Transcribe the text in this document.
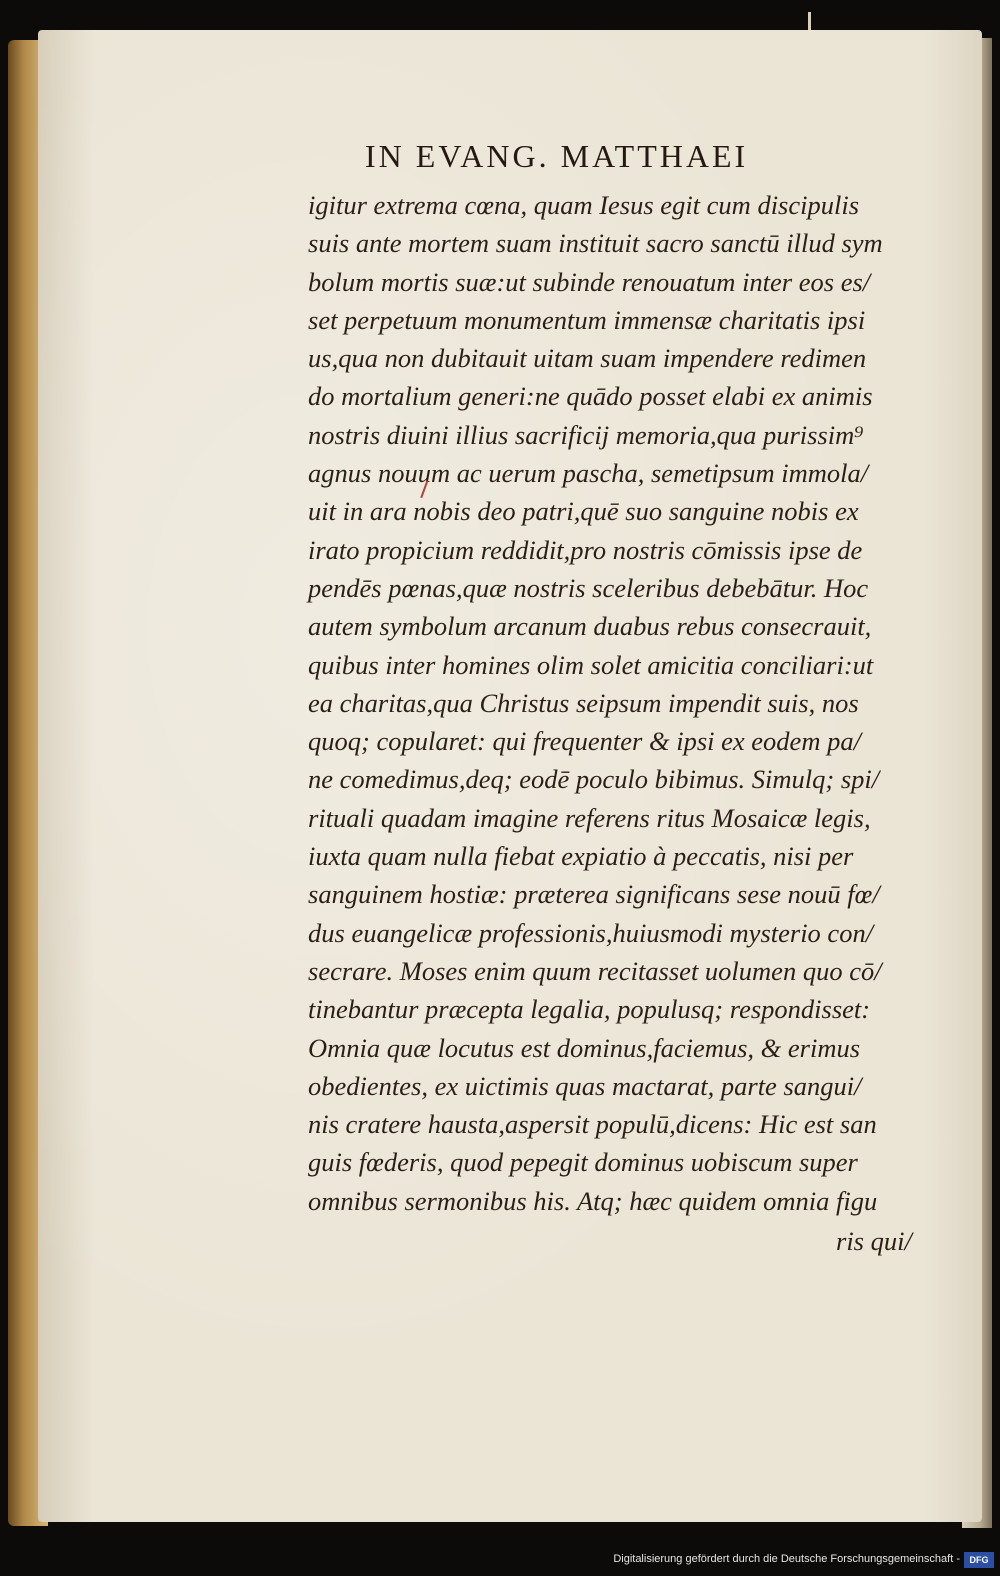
IN EVANG. MATTHAEI
igitur extrema cœna, quam Iesus egit cum discipulis
suis ante mortem suam instituit sacro sanctū illud sym
bolum mortis suæ:ut subinde renouatum inter eos es/
set perpetuum monumentum immensæ charitatis ipsi
us,qua non dubitauit uitam suam impendere redimen
do mortalium generi:ne quādo posset elabi ex animis
nostris diuini illius sacrificij memoria,qua purissim⁹
agnus nouum ac uerum pascha, semetipsum immola/
uit in ara nobis deo patri,quē suo sanguine nobis ex
irato propicium reddidit,pro nostris cōmissis ipse de
pendēs pœnas,quæ nostris sceleribus debebātur. Hoc
autem symbolum arcanum duabus rebus consecrauit,
quibus inter homines olim solet amicitia conciliari:ut
ea charitas,qua Christus seipsum impendit suis, nos
quoq; copularet: qui frequenter & ipsi ex eodem pa/
ne comedimus,deq; eodē poculo bibimus. Simulq; spi/
rituali quadam imagine referens ritus Mosaicæ legis,
iuxta quam nulla fiebat expiatio à peccatis, nisi per
sanguinem hostiæ: præterea significans sese nouū fœ/
dus euangelicæ professionis,huiusmodi mysterio con/
secrare. Moses enim quum recitasset uolumen quo cō/
tinebantur præcepta legalia, populusq; respondisset:
Omnia quæ locutus est dominus,faciemus, & erimus
obedientes, ex uictimis quas mactarat, parte sangui/
nis cratere hausta,aspersit populū,dicens: Hic est san
guis fœderis, quod pepegit dominus uobiscum super
omnibus sermonibus his. Atq; hæc quidem omnia figu
ris qui/
Digitalisierung gefördert durch die Deutsche Forschungsgemeinschaft -	DFG
